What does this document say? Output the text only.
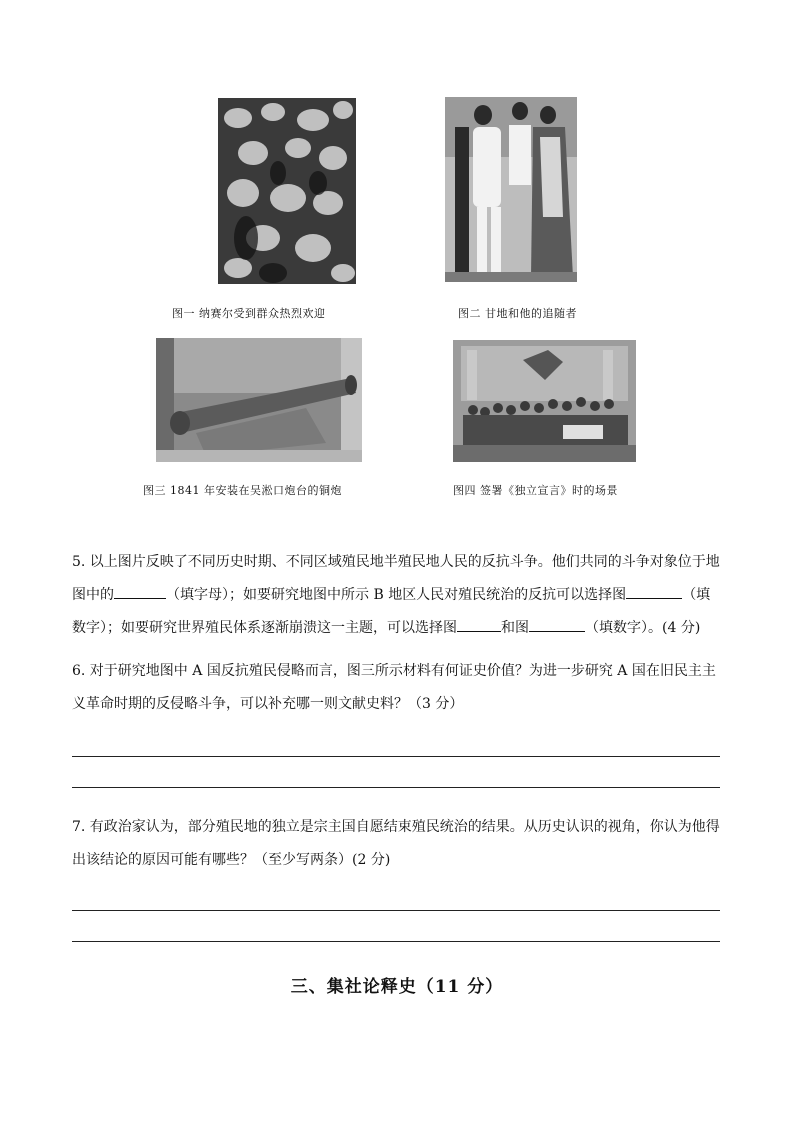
图一 纳赛尔受到群众热烈欢迎	图二 甘地和他的追随者
图三 1841 年安装在吴淞口炮台的铜炮	图四 签署《独立宣言》时的场景
5. 以上图片反映了不同历史时期、不同区域殖民地半殖民地人民的反抗斗争。他们共同的斗争对象位于地图中的	（填字母）；如要研究地图中所示 B 地区人民对殖民统治的反抗可以选择图	（填数字）；如要研究世界殖民体系逐渐崩溃这一主题，可以选择图	和图	（填数字）。(4 分)
6. 对于研究地图中 A 国反抗殖民侵略而言，图三所示材料有何证史价值？为进一步研究 A 国在旧民主主义革命时期的反侵略斗争，可以补充哪一则文献史料？（3 分）
7. 有政治家认为，部分殖民地的独立是宗主国自愿结束殖民统治的结果。从历史认识的视角，你认为他得出该结论的原因可能有哪些？（至少写两条）(2 分)
三、集社论释史（11 分）
